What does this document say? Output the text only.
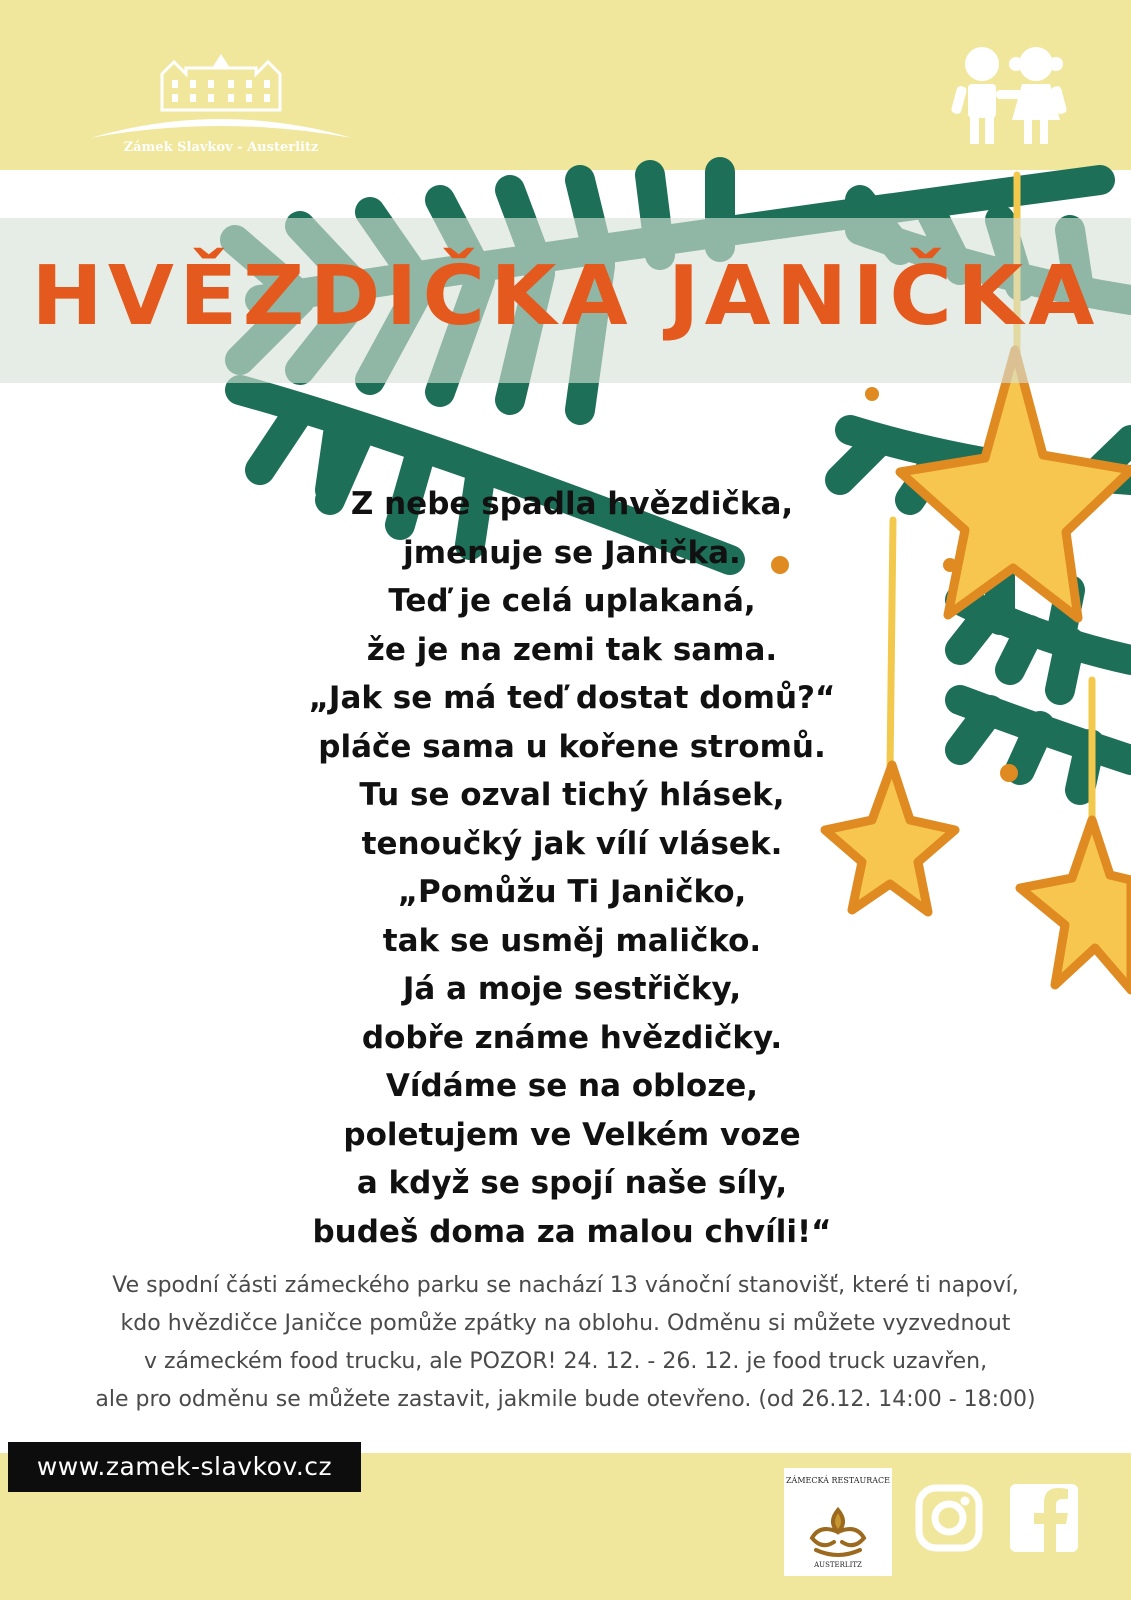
Zámek Slavkov - Austerlitz
HVĚZDIČKA JANIČKA
Z nebe spadla hvězdička,
jmenuje se Janička.
Teď je celá uplakaná,
že je na zemi tak sama.
„Jak se má teď dostat domů?“
pláče sama u kořene stromů.
Tu se ozval tichý hlásek,
tenoučký jak vílí vlásek.
„Pomůžu Ti Janičko,
tak se usměj maličko.
Já a moje sestřičky,
dobře známe hvězdičky.
Vídáme se na obloze,
poletujem ve Velkém voze
a když se spojí naše síly,
budeš doma za malou chvíli!“
Ve spodní části zámeckého parku se nachází 13 vánoční stanovišť, které ti napoví,
kdo hvězdičce Janičce pomůže zpátky na oblohu. Odměnu si můžete vyzvednout
v zámeckém food trucku, ale POZOR! 24. 12. - 26. 12. je food truck uzavřen,
ale pro odměnu se můžete zastavit, jakmile bude otevřeno. (od 26.12. 14:00 - 18:00)
www.zamek-slavkov.cz	ZÁMECKÁ RESTAURACE
AUSTERLITZ
